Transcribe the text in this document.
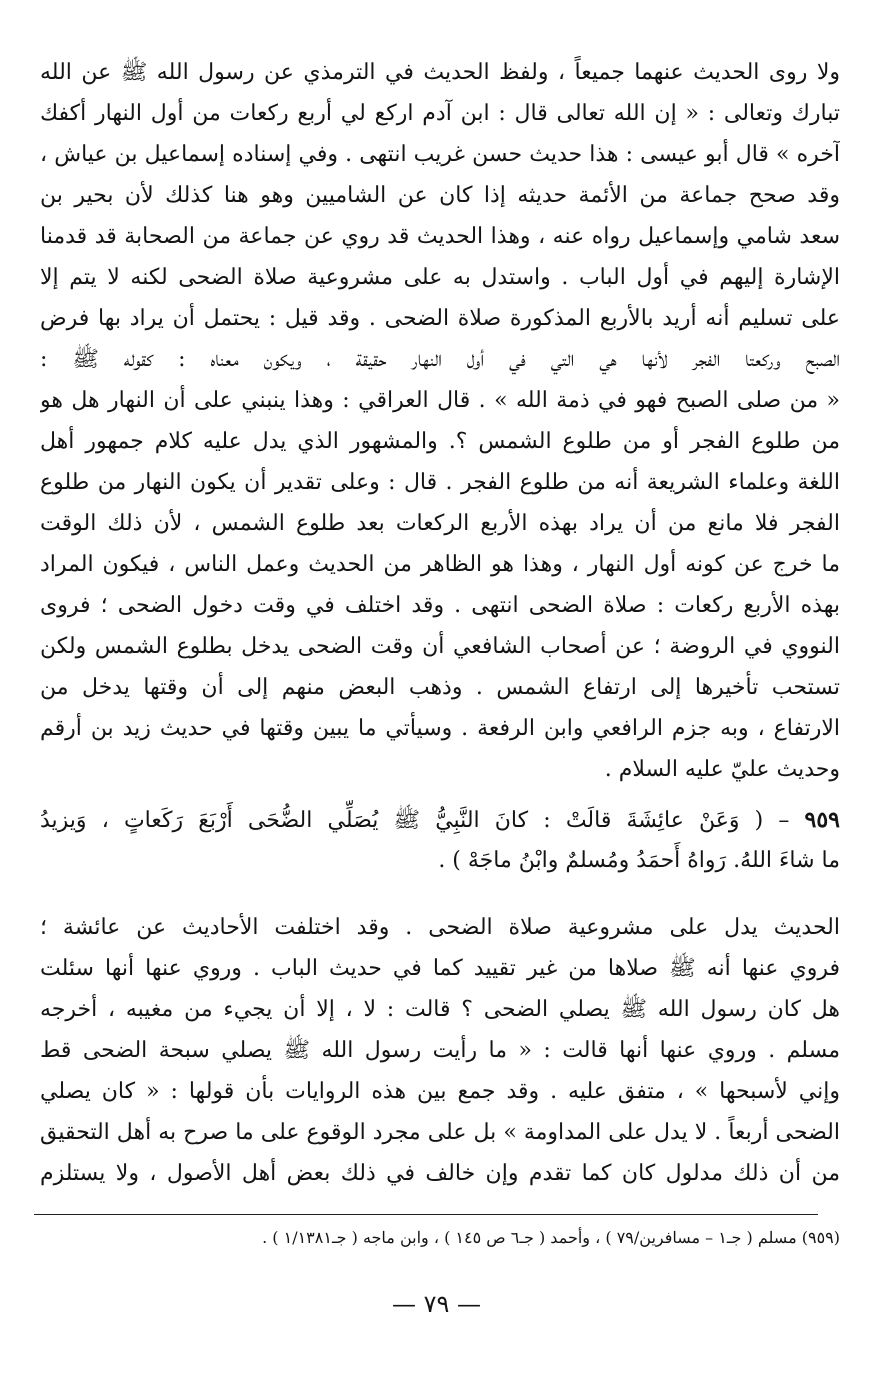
ولا روى الحديث عنهما جميعاً ، ولفظ الحديث في الترمذي عن رسول الله ﷺ عن الله
تبارك وتعالى : « إن الله تعالى قال : ابن آدم اركع لي أربع ركعات من أول النهار أكفك
آخره » قال أبو عيسى : هذا حديث حسن غريب انتهى . وفي إسناده إسماعيل بن عياش ،
وقد صحح جماعة من الأئمة حديثه إذا كان عن الشاميين وهو هنا كذلك لأن بحير بن
سعد شامي وإسماعيل رواه عنه ، وهذا الحديث قد روي عن جماعة من الصحابة قد قدمنا
الإشارة إليهم في أول الباب . واستدل به على مشروعية صلاة الضحى لكنه لا يتم إلا
على تسليم أنه أريد بالأربع المذكورة صلاة الضحى . وقد قيل : يحتمل أن يراد بها فرض
الصبح وركعتا الفجر لأنها هي التي في أول النهار حقيقة ، ويكون معناه : كقوله ﷺ :
« من صلى الصبح فهو في ذمة الله » . قال العراقي : وهذا ينبني على أن النهار هل هو
من طلوع الفجر أو من طلوع الشمس ؟. والمشهور الذي يدل عليه كلام جمهور أهل
اللغة وعلماء الشريعة أنه من طلوع الفجر . قال : وعلى تقدير أن يكون النهار من طلوع
الفجر فلا مانع من أن يراد بهذه الأربع الركعات بعد طلوع الشمس ، لأن ذلك الوقت
ما خرج عن كونه أول النهار ، وهذا هو الظاهر من الحديث وعمل الناس ، فيكون المراد
بهذه الأربع ركعات : صلاة الضحى انتهى . وقد اختلف في وقت دخول الضحى ؛ فروى
النووي في الروضة ؛ عن أصحاب الشافعي أن وقت الضحى يدخل بطلوع الشمس ولكن
تستحب تأخيرها إلى ارتفاع الشمس . وذهب البعض منهم إلى أن وقتها يدخل من
الارتفاع ، وبه جزم الرافعي وابن الرفعة . وسيأتي ما يبين وقتها في حديث زيد بن أرقم
وحديث عليّ عليه السلام .
٩٥٩ – ( وَعَنْ عائِشَةَ قالَتْ : كانَ النَّبِيُّ ﷺ يُصَلِّي الضُّحَى أَرْبَعَ رَكَعاتٍ ، وَيزيدُ
ما شاءَ اللهُ. رَواهُ أَحمَدُ ومُسلمٌ وابْنُ ماجَهْ ) .
الحديث يدل على مشروعية صلاة الضحى . وقد اختلفت الأحاديث عن عائشة ؛
فروي عنها أنه ﷺ صلاها من غير تقييد كما في حديث الباب . وروي عنها أنها سئلت
هل كان رسول الله ﷺ يصلي الضحى ؟ قالت : لا ، إلا أن يجيء من مغيبه ، أخرجه
مسلم . وروي عنها أنها قالت : « ما رأيت رسول الله ﷺ يصلي سبحة الضحى قط
وإني لأسبحها » ، متفق عليه . وقد جمع بين هذه الروايات بأن قولها : « كان يصلي
الضحى أربعاً . لا يدل على المداومة » بل على مجرد الوقوع على ما صرح به أهل التحقيق
من أن ذلك مدلول كان كما تقدم وإن خالف في ذلك بعض أهل الأصول ، ولا يستلزم
(٩٥٩) مسلم ( جـ١ – مسافرين/٧٩ ) ، وأحمد ( جـ٦ ص ١٤٥ ) ، وابن ماجه ( جـ١/١٣٨١ ) .
— ٧٩ —
